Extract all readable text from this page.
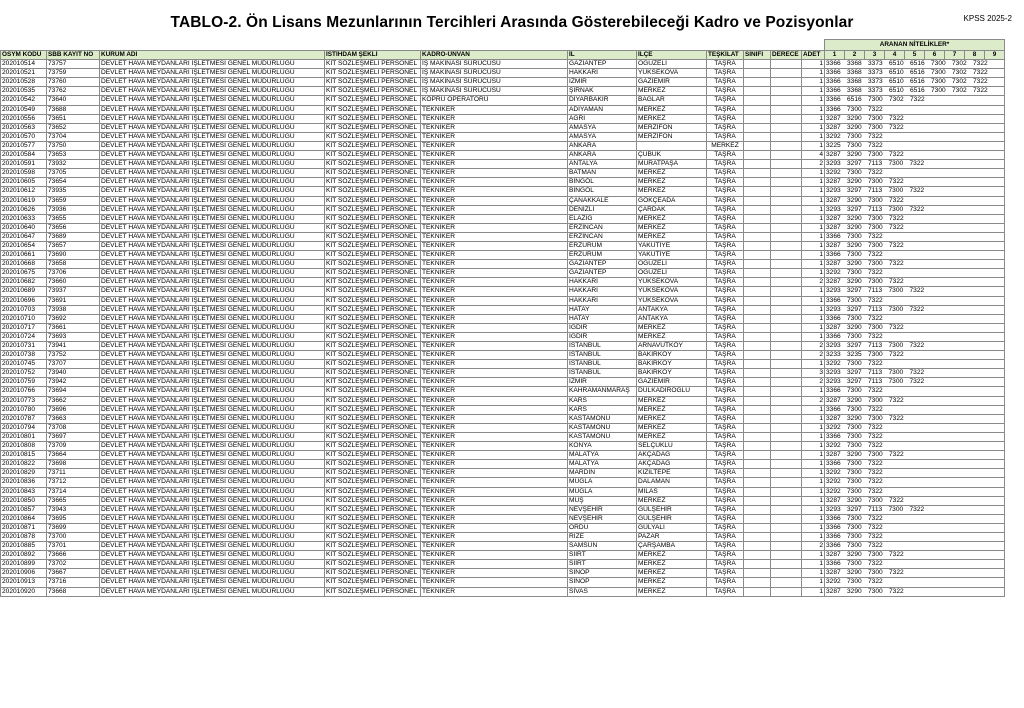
TABLO-2. Ön Lisans Mezunlarının Tercihleri Arasında Gösterebileceği Kadro ve Pozisyonlar	KPSS 2025-2
											ARANAN NİTELİKLER*								
ÖSYM KODU	SBB KAYIT NO	KURUM ADI	İSTİHDAM ŞEKLİ	KADRO-ÜNVAN	İL	İLÇE	TEŞKİLAT	SINIFI	DERECE	ADET	1	2	3	4	5	6	7	8	9
202010514	73757	DEVLET HAVA MEYDANLARI İŞLETMESİ GENEL MÜDÜRLÜĞÜ	KİT SÖZLEŞMELİ PERSONEL	İŞ MAKİNASI SÜRÜCÜSÜ	GAZİANTEP	OĞUZELİ	TAŞRA			1	3366 3368 3373 6510 6516 7300 7302 7322								
202010521	73759	DEVLET HAVA MEYDANLARI İŞLETMESİ GENEL MÜDÜRLÜĞÜ	KİT SÖZLEŞMELİ PERSONEL	İŞ MAKİNASI SÜRÜCÜSÜ	HAKKARİ	YÜKSEKOVA	TAŞRA			1	3366 3368 3373 6510 6516 7300 7302 7322								
202010528	73760	DEVLET HAVA MEYDANLARI İŞLETMESİ GENEL MÜDÜRLÜĞÜ	KİT SÖZLEŞMELİ PERSONEL	İŞ MAKİNASI SÜRÜCÜSÜ	İZMİR	GAZİEMİR	TAŞRA			1	3366 3368 3373 6510 6516 7300 7302 7322								
202010535	73762	DEVLET HAVA MEYDANLARI İŞLETMESİ GENEL MÜDÜRLÜĞÜ	KİT SÖZLEŞMELİ PERSONEL	İŞ MAKİNASI SÜRÜCÜSÜ	ŞIRNAK	MERKEZ	TAŞRA			1	3366 3368 3373 6510 6516 7300 7302 7322								
202010542	73640	DEVLET HAVA MEYDANLARI İŞLETMESİ GENEL MÜDÜRLÜĞÜ	KİT SÖZLEŞMELİ PERSONEL	KÖPRÜ OPERATÖRÜ	DİYARBAKIR	BAĞLAR	TAŞRA			1	3366 6516 7300 7302 7322								
202010549	73688	DEVLET HAVA MEYDANLARI İŞLETMESİ GENEL MÜDÜRLÜĞÜ	KİT SÖZLEŞMELİ PERSONEL	TEKNİKER	ADIYAMAN	MERKEZ	TAŞRA			1	3366 7300 7322								
202010556	73651	DEVLET HAVA MEYDANLARI İŞLETMESİ GENEL MÜDÜRLÜĞÜ	KİT SÖZLEŞMELİ PERSONEL	TEKNİKER	AĞRI	MERKEZ	TAŞRA			1	3287 3290 7300 7322								
202010563	73652	DEVLET HAVA MEYDANLARI İŞLETMESİ GENEL MÜDÜRLÜĞÜ	KİT SÖZLEŞMELİ PERSONEL	TEKNİKER	AMASYA	MERZİFON	TAŞRA			1	3287 3290 7300 7322								
202010570	73704	DEVLET HAVA MEYDANLARI İŞLETMESİ GENEL MÜDÜRLÜĞÜ	KİT SÖZLEŞMELİ PERSONEL	TEKNİKER	AMASYA	MERZİFON	TAŞRA			1	3292 7300 7322								
202010577	73750	DEVLET HAVA MEYDANLARI İŞLETMESİ GENEL MÜDÜRLÜĞÜ	KİT SÖZLEŞMELİ PERSONEL	TEKNİKER	ANKARA		MERKEZ			1	3225 7300 7322								
202010584	73653	DEVLET HAVA MEYDANLARI İŞLETMESİ GENEL MÜDÜRLÜĞÜ	KİT SÖZLEŞMELİ PERSONEL	TEKNİKER	ANKARA	ÇUBUK	TAŞRA			4	3287 3290 7300 7322								
202010591	73932	DEVLET HAVA MEYDANLARI İŞLETMESİ GENEL MÜDÜRLÜĞÜ	KİT SÖZLEŞMELİ PERSONEL	TEKNİKER	ANTALYA	MURATPAŞA	TAŞRA			2	3293 3297 7113 7300 7322								
202010598	73705	DEVLET HAVA MEYDANLARI İŞLETMESİ GENEL MÜDÜRLÜĞÜ	KİT SÖZLEŞMELİ PERSONEL	TEKNİKER	BATMAN	MERKEZ	TAŞRA			1	3292 7300 7322								
202010605	73654	DEVLET HAVA MEYDANLARI İŞLETMESİ GENEL MÜDÜRLÜĞÜ	KİT SÖZLEŞMELİ PERSONEL	TEKNİKER	BİNGÖL	MERKEZ	TAŞRA			1	3287 3290 7300 7322								
202010612	73935	DEVLET HAVA MEYDANLARI İŞLETMESİ GENEL MÜDÜRLÜĞÜ	KİT SÖZLEŞMELİ PERSONEL	TEKNİKER	BİNGÖL	MERKEZ	TAŞRA			1	3293 3297 7113 7300 7322								
202010619	73659	DEVLET HAVA MEYDANLARI İŞLETMESİ GENEL MÜDÜRLÜĞÜ	KİT SÖZLEŞMELİ PERSONEL	TEKNİKER	ÇANAKKALE	GÖKÇEADA	TAŞRA			1	3287 3290 7300 7322								
202010626	73936	DEVLET HAVA MEYDANLARI İŞLETMESİ GENEL MÜDÜRLÜĞÜ	KİT SÖZLEŞMELİ PERSONEL	TEKNİKER	DENİZLİ	ÇARDAK	TAŞRA			1	3293 3297 7113 7300 7322								
202010633	73655	DEVLET HAVA MEYDANLARI İŞLETMESİ GENEL MÜDÜRLÜĞÜ	KİT SÖZLEŞMELİ PERSONEL	TEKNİKER	ELAZIĞ	MERKEZ	TAŞRA			1	3287 3290 7300 7322								
202010640	73656	DEVLET HAVA MEYDANLARI İŞLETMESİ GENEL MÜDÜRLÜĞÜ	KİT SÖZLEŞMELİ PERSONEL	TEKNİKER	ERZİNCAN	MERKEZ	TAŞRA			1	3287 3290 7300 7322								
202010647	73689	DEVLET HAVA MEYDANLARI İŞLETMESİ GENEL MÜDÜRLÜĞÜ	KİT SÖZLEŞMELİ PERSONEL	TEKNİKER	ERZİNCAN	MERKEZ	TAŞRA			1	3366 7300 7322								
202010654	73657	DEVLET HAVA MEYDANLARI İŞLETMESİ GENEL MÜDÜRLÜĞÜ	KİT SÖZLEŞMELİ PERSONEL	TEKNİKER	ERZURUM	YAKUTİYE	TAŞRA			1	3287 3290 7300 7322								
202010661	73690	DEVLET HAVA MEYDANLARI İŞLETMESİ GENEL MÜDÜRLÜĞÜ	KİT SÖZLEŞMELİ PERSONEL	TEKNİKER	ERZURUM	YAKUTİYE	TAŞRA			1	3366 7300 7322								
202010668	73658	DEVLET HAVA MEYDANLARI İŞLETMESİ GENEL MÜDÜRLÜĞÜ	KİT SÖZLEŞMELİ PERSONEL	TEKNİKER	GAZİANTEP	OĞUZELİ	TAŞRA			1	3287 3290 7300 7322								
202010675	73706	DEVLET HAVA MEYDANLARI İŞLETMESİ GENEL MÜDÜRLÜĞÜ	KİT SÖZLEŞMELİ PERSONEL	TEKNİKER	GAZİANTEP	OĞUZELİ	TAŞRA			1	3292 7300 7322								
202010682	73660	DEVLET HAVA MEYDANLARI İŞLETMESİ GENEL MÜDÜRLÜĞÜ	KİT SÖZLEŞMELİ PERSONEL	TEKNİKER	HAKKARİ	YÜKSEKOVA	TAŞRA			2	3287 3290 7300 7322								
202010689	73937	DEVLET HAVA MEYDANLARI İŞLETMESİ GENEL MÜDÜRLÜĞÜ	KİT SÖZLEŞMELİ PERSONEL	TEKNİKER	HAKKARİ	YÜKSEKOVA	TAŞRA			1	3293 3297 7113 7300 7322								
202010696	73691	DEVLET HAVA MEYDANLARI İŞLETMESİ GENEL MÜDÜRLÜĞÜ	KİT SÖZLEŞMELİ PERSONEL	TEKNİKER	HAKKARİ	YÜKSEKOVA	TAŞRA			1	3366 7300 7322								
202010703	73938	DEVLET HAVA MEYDANLARI İŞLETMESİ GENEL MÜDÜRLÜĞÜ	KİT SÖZLEŞMELİ PERSONEL	TEKNİKER	HATAY	ANTAKYA	TAŞRA			1	3293 3297 7113 7300 7322								
202010710	73692	DEVLET HAVA MEYDANLARI İŞLETMESİ GENEL MÜDÜRLÜĞÜ	KİT SÖZLEŞMELİ PERSONEL	TEKNİKER	HATAY	ANTAKYA	TAŞRA			1	3366 7300 7322								
202010717	73661	DEVLET HAVA MEYDANLARI İŞLETMESİ GENEL MÜDÜRLÜĞÜ	KİT SÖZLEŞMELİ PERSONEL	TEKNİKER	IĞDIR	MERKEZ	TAŞRA			1	3287 3290 7300 7322								
202010724	73693	DEVLET HAVA MEYDANLARI İŞLETMESİ GENEL MÜDÜRLÜĞÜ	KİT SÖZLEŞMELİ PERSONEL	TEKNİKER	IĞDIR	MERKEZ	TAŞRA			1	3366 7300 7322								
202010731	73941	DEVLET HAVA MEYDANLARI İŞLETMESİ GENEL MÜDÜRLÜĞÜ	KİT SÖZLEŞMELİ PERSONEL	TEKNİKER	İSTANBUL	ARNAVUTKÖY	TAŞRA			2	3293 3297 7113 7300 7322								
202010738	73752	DEVLET HAVA MEYDANLARI İŞLETMESİ GENEL MÜDÜRLÜĞÜ	KİT SÖZLEŞMELİ PERSONEL	TEKNİKER	İSTANBUL	BAKIRKÖY	TAŞRA			2	3233 3235 7300 7322								
202010745	73707	DEVLET HAVA MEYDANLARI İŞLETMESİ GENEL MÜDÜRLÜĞÜ	KİT SÖZLEŞMELİ PERSONEL	TEKNİKER	İSTANBUL	BAKIRKÖY	TAŞRA			1	3292 7300 7322								
202010752	73940	DEVLET HAVA MEYDANLARI İŞLETMESİ GENEL MÜDÜRLÜĞÜ	KİT SÖZLEŞMELİ PERSONEL	TEKNİKER	İSTANBUL	BAKIRKÖY	TAŞRA			3	3293 3297 7113 7300 7322								
202010759	73942	DEVLET HAVA MEYDANLARI İŞLETMESİ GENEL MÜDÜRLÜĞÜ	KİT SÖZLEŞMELİ PERSONEL	TEKNİKER	İZMİR	GAZİEMİR	TAŞRA			2	3293 3297 7113 7300 7322								
202010766	73694	DEVLET HAVA MEYDANLARI İŞLETMESİ GENEL MÜDÜRLÜĞÜ	KİT SÖZLEŞMELİ PERSONEL	TEKNİKER	KAHRAMANMARAŞ	DULKADİROĞLU	TAŞRA			1	3366 7300 7322								
202010773	73662	DEVLET HAVA MEYDANLARI İŞLETMESİ GENEL MÜDÜRLÜĞÜ	KİT SÖZLEŞMELİ PERSONEL	TEKNİKER	KARS	MERKEZ	TAŞRA			2	3287 3290 7300 7322								
202010780	73696	DEVLET HAVA MEYDANLARI İŞLETMESİ GENEL MÜDÜRLÜĞÜ	KİT SÖZLEŞMELİ PERSONEL	TEKNİKER	KARS	MERKEZ	TAŞRA			1	3366 7300 7322								
202010787	73663	DEVLET HAVA MEYDANLARI İŞLETMESİ GENEL MÜDÜRLÜĞÜ	KİT SÖZLEŞMELİ PERSONEL	TEKNİKER	KASTAMONU	MERKEZ	TAŞRA			1	3287 3290 7300 7322								
202010794	73708	DEVLET HAVA MEYDANLARI İŞLETMESİ GENEL MÜDÜRLÜĞÜ	KİT SÖZLEŞMELİ PERSONEL	TEKNİKER	KASTAMONU	MERKEZ	TAŞRA			1	3292 7300 7322								
202010801	73697	DEVLET HAVA MEYDANLARI İŞLETMESİ GENEL MÜDÜRLÜĞÜ	KİT SÖZLEŞMELİ PERSONEL	TEKNİKER	KASTAMONU	MERKEZ	TAŞRA			1	3366 7300 7322								
202010808	73709	DEVLET HAVA MEYDANLARI İŞLETMESİ GENEL MÜDÜRLÜĞÜ	KİT SÖZLEŞMELİ PERSONEL	TEKNİKER	KONYA	SELÇUKLU	TAŞRA			1	3292 7300 7322								
202010815	73664	DEVLET HAVA MEYDANLARI İŞLETMESİ GENEL MÜDÜRLÜĞÜ	KİT SÖZLEŞMELİ PERSONEL	TEKNİKER	MALATYA	AKÇADAĞ	TAŞRA			1	3287 3290 7300 7322								
202010822	73698	DEVLET HAVA MEYDANLARI İŞLETMESİ GENEL MÜDÜRLÜĞÜ	KİT SÖZLEŞMELİ PERSONEL	TEKNİKER	MALATYA	AKÇADAĞ	TAŞRA			1	3366 7300 7322								
202010829	73711	DEVLET HAVA MEYDANLARI İŞLETMESİ GENEL MÜDÜRLÜĞÜ	KİT SÖZLEŞMELİ PERSONEL	TEKNİKER	MARDİN	KIZILTEPE	TAŞRA			1	3292 7300 7322								
202010836	73712	DEVLET HAVA MEYDANLARI İŞLETMESİ GENEL MÜDÜRLÜĞÜ	KİT SÖZLEŞMELİ PERSONEL	TEKNİKER	MUĞLA	DALAMAN	TAŞRA			1	3292 7300 7322								
202010843	73714	DEVLET HAVA MEYDANLARI İŞLETMESİ GENEL MÜDÜRLÜĞÜ	KİT SÖZLEŞMELİ PERSONEL	TEKNİKER	MUĞLA	MİLAS	TAŞRA			1	3292 7300 7322								
202010850	73665	DEVLET HAVA MEYDANLARI İŞLETMESİ GENEL MÜDÜRLÜĞÜ	KİT SÖZLEŞMELİ PERSONEL	TEKNİKER	MUŞ	MERKEZ	TAŞRA			1	3287 3290 7300 7322								
202010857	73943	DEVLET HAVA MEYDANLARI İŞLETMESİ GENEL MÜDÜRLÜĞÜ	KİT SÖZLEŞMELİ PERSONEL	TEKNİKER	NEVŞEHİR	GÜLŞEHİR	TAŞRA			1	3293 3297 7113 7300 7322								
202010864	73695	DEVLET HAVA MEYDANLARI İŞLETMESİ GENEL MÜDÜRLÜĞÜ	KİT SÖZLEŞMELİ PERSONEL	TEKNİKER	NEVŞEHİR	GÜLŞEHİR	TAŞRA			1	3366 7300 7322								
202010871	73699	DEVLET HAVA MEYDANLARI İŞLETMESİ GENEL MÜDÜRLÜĞÜ	KİT SÖZLEŞMELİ PERSONEL	TEKNİKER	ORDU	GÜLYALI	TAŞRA			1	3366 7300 7322								
202010878	73700	DEVLET HAVA MEYDANLARI İŞLETMESİ GENEL MÜDÜRLÜĞÜ	KİT SÖZLEŞMELİ PERSONEL	TEKNİKER	RİZE	PAZAR	TAŞRA			1	3366 7300 7322								
202010885	73701	DEVLET HAVA MEYDANLARI İŞLETMESİ GENEL MÜDÜRLÜĞÜ	KİT SÖZLEŞMELİ PERSONEL	TEKNİKER	SAMSUN	ÇARŞAMBA	TAŞRA			2	3366 7300 7322								
202010892	73666	DEVLET HAVA MEYDANLARI İŞLETMESİ GENEL MÜDÜRLÜĞÜ	KİT SÖZLEŞMELİ PERSONEL	TEKNİKER	SİİRT	MERKEZ	TAŞRA			1	3287 3290 7300 7322								
202010899	73702	DEVLET HAVA MEYDANLARI İŞLETMESİ GENEL MÜDÜRLÜĞÜ	KİT SÖZLEŞMELİ PERSONEL	TEKNİKER	SİİRT	MERKEZ	TAŞRA			1	3366 7300 7322								
202010906	73667	DEVLET HAVA MEYDANLARI İŞLETMESİ GENEL MÜDÜRLÜĞÜ	KİT SÖZLEŞMELİ PERSONEL	TEKNİKER	SİNOP	MERKEZ	TAŞRA			1	3287 3290 7300 7322								
202010913	73716	DEVLET HAVA MEYDANLARI İŞLETMESİ GENEL MÜDÜRLÜĞÜ	KİT SÖZLEŞMELİ PERSONEL	TEKNİKER	SİNOP	MERKEZ	TAŞRA			1	3292 7300 7322								
202010920	73668	DEVLET HAVA MEYDANLARI İŞLETMESİ GENEL MÜDÜRLÜĞÜ	KİT SÖZLEŞMELİ PERSONEL	TEKNİKER	SİVAS	MERKEZ	TAŞRA			1	3287 3290 7300 7322								
